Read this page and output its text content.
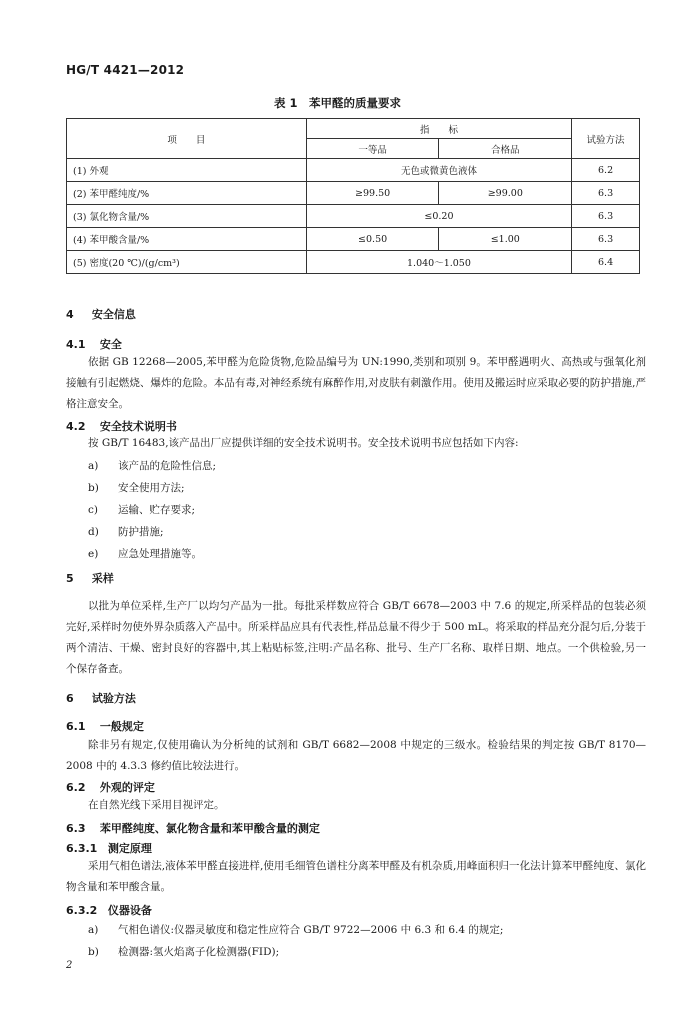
HG/T 4421—2012
表 1　苯甲醛的质量要求
项　　目	指　　标		试验方法
	一等品	合格品	
(1) 外观	无色或微黄色液体		6.2
(2) 苯甲醛纯度/%	≥99.50	≥99.00	6.3
(3) 氯化物含量/%	≤0.20		6.3
(4) 苯甲酸含量/%	≤0.50	≤1.00	6.3
(5) 密度(20 ℃)/(g/cm³)	1.040～1.050		6.4
4 安全信息
4.1 安全
依据 GB 12268—2005,苯甲醛为危险货物,危险品编号为 UN:1990,类别和项别 9。苯甲醛遇明火、高热或与强氧化剂接触有引起燃烧、爆炸的危险。本品有毒,对神经系统有麻醉作用,对皮肤有刺激作用。使用及搬运时应采取必要的防护措施,严格注意安全。
4.2 安全技术说明书
按 GB/T 16483,该产品出厂应提供详细的安全技术说明书。安全技术说明书应包括如下内容:
a) 该产品的危险性信息;
b) 安全使用方法;
c) 运输、贮存要求;
d) 防护措施;
e) 应急处理措施等。
5 采样
以批为单位采样,生产厂以均匀产品为一批。每批采样数应符合 GB/T 6678—2003 中 7.6 的规定,所采样品的包装必须完好,采样时勿使外界杂质落入产品中。所采样品应具有代表性,样品总量不得少于 500 mL。将采取的样品充分混匀后,分装于两个清洁、干燥、密封良好的容器中,其上粘贴标签,注明:产品名称、批号、生产厂名称、取样日期、地点。一个供检验,另一个保存备查。
6 试验方法
6.1 一般规定
除非另有规定,仅使用确认为分析纯的试剂和 GB/T 6682—2008 中规定的三级水。检验结果的判定按 GB/T 8170—2008 中的 4.3.3 修约值比较法进行。
6.2 外观的评定
在自然光线下采用目视评定。
6.3 苯甲醛纯度、氯化物含量和苯甲酸含量的测定
6.3.1 测定原理
采用气相色谱法,液体苯甲醛直接进样,使用毛细管色谱柱分离苯甲醛及有机杂质,用峰面积归一化法计算苯甲醛纯度、氯化物含量和苯甲酸含量。
6.3.2 仪器设备
a) 气相色谱仪:仪器灵敏度和稳定性应符合 GB/T 9722—2006 中 6.3 和 6.4 的规定;
b) 检测器:氢火焰离子化检测器(FID);
2
